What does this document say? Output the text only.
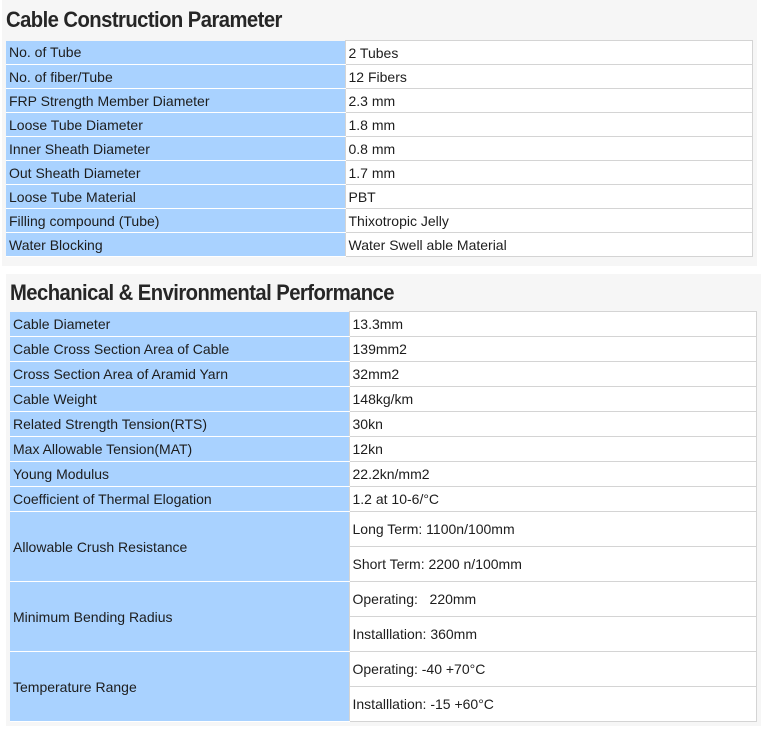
Cable Construction Parameter
No. of Tube	2 Tubes
No. of fiber/Tube	12 Fibers
FRP Strength Member Diameter	2.3 mm
Loose Tube Diameter	1.8 mm
Inner Sheath Diameter	0.8 mm
Out Sheath Diameter	1.7 mm
Loose Tube Material	PBT
Filling compound (Tube)	Thixotropic Jelly
Water Blocking	Water Swell able Material
Mechanical & Environmental Performance
Cable Diameter	13.3mm
Cable Cross Section Area of Cable	139mm2
Cross Section Area of Aramid Yarn	32mm2
Cable Weight	148kg/km
Related Strength Tension(RTS)	30kn
Max Allowable Tension(MAT)	12kn
Young Modulus	22.2kn/mm2
Coefficient of Thermal Elogation	1.2 at 10-6/°C
Allowable Crush Resistance	Long Term: 1100n/100mm
	Short Term: 2200 n/100mm
Minimum Bending Radius	Operating:   220mm
	Installlation: 360mm
Temperature Range	Operating: -40 +70°C
	Installlation: -15 +60°C
